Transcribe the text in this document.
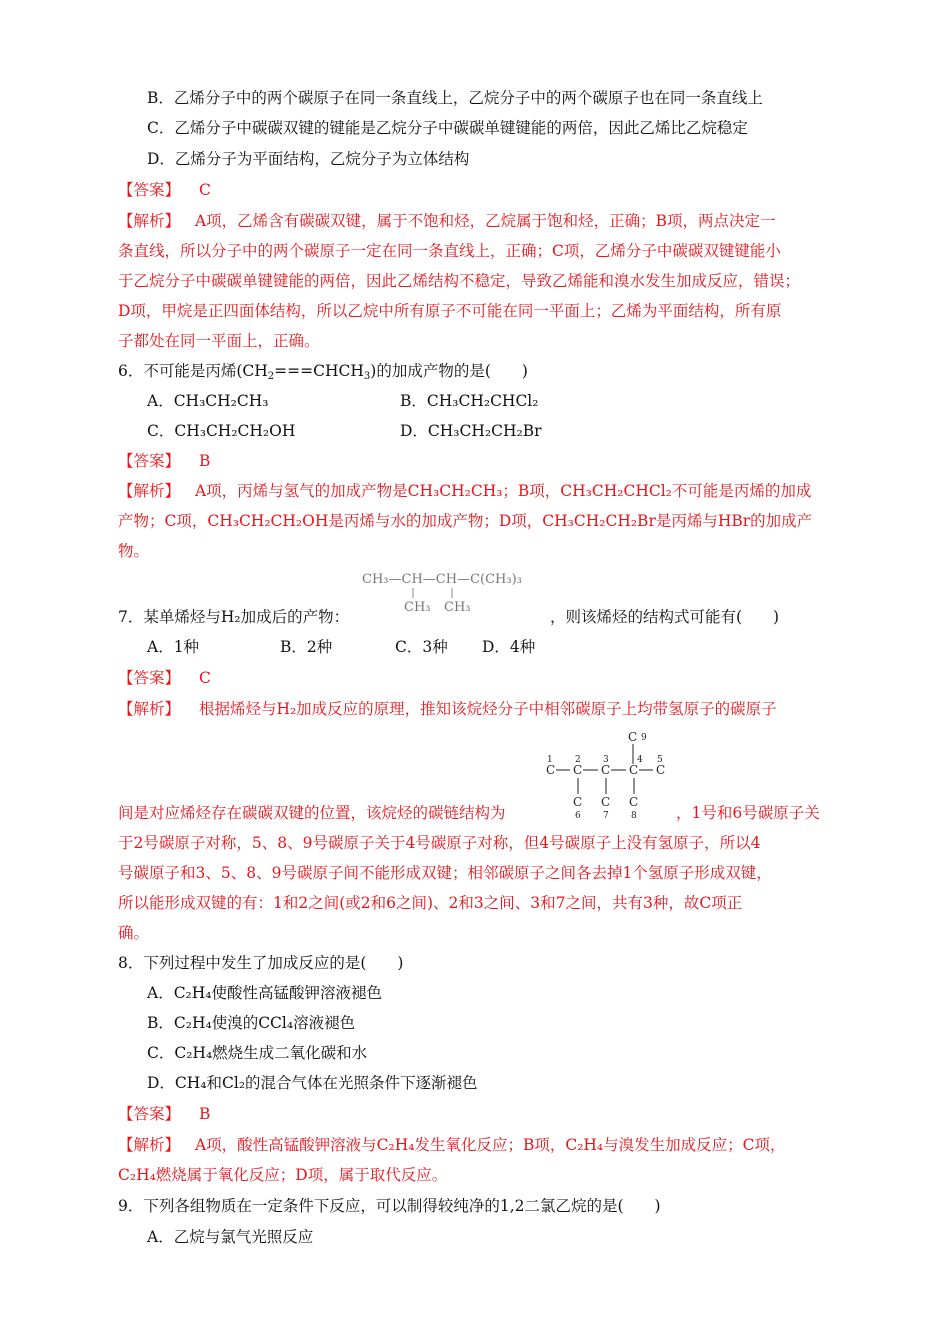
B．乙烯分子中的两个碳原子在同一条直线上，乙烷分子中的两个碳原子也在同一条直线上
C．乙烯分子中碳碳双键的键能是乙烷分子中碳碳单键键能的两倍，因此乙烯比乙烷稳定
D．乙烯分子为平面结构，乙烷分子为立体结构
【答案】 C
【解析】 A项，乙烯含有碳碳双键，属于不饱和烃，乙烷属于饱和烃，正确；B项，两点决定一
条直线，所以分子中的两个碳原子一定在同一条直线上，正确；C项，乙烯分子中碳碳双键键能小
于乙烷分子中碳碳单键键能的两倍，因此乙烯结构不稳定，导致乙烯能和溴水发生加成反应，错误；
D项，甲烷是正四面体结构，所以乙烷中所有原子不可能在同一平面上；乙烯为平面结构，所有原
子都处在同一平面上，正确。
6．不可能是丙烯$(CH_2===CHCH_3)$的加成产物的是(　　)
A．CH₃CH₂CH₃	B．CH₃CH₂CHCl₂
C．CH₃CH₂CH₂OH	D．CH₃CH₂CH₂Br
【答案】 B
【解析】 A项，丙烯与氢气的加成产物是CH₃CH₂CH₃；B项，CH₃CH₂CHCl₂不可能是丙烯的加成
产物；C项，CH₃CH₂CH₂OH是丙烯与水的加成产物；D项，CH₃CH₂CH₂Br是丙烯与HBr的加成产
物。
CH₃—CH—CH—C(CH₃)₃
CH₃ CH₃
7．某单烯烃与H₂加成后的产物：	，则该烯烃的结构式可能有(　　)
A．1种	B．2种	C．3种 D．4种
【答案】 C
【解析】 根据烯烃与H₂加成反应的原理，推知该烷烃分子中相邻碳原子上均带氢原子的碳原子
1 2 3	4 5
C 9
C C C C C
C C C
6 7 8
间是对应烯烃存在碳碳双键的位置，该烷烃的碳链结构为	，1号和6号碳原子关
于2号碳原子对称，5、8、9号碳原子关于4号碳原子对称，但4号碳原子上没有氢原子，所以4
号碳原子和3、5、8、9号碳原子间不能形成双键；相邻碳原子之间各去掉1个氢原子形成双键，
所以能形成双键的有：1和2之间(或2和6之间)、2和3之间、3和7之间，共有3种，故C项正
确。
8．下列过程中发生了加成反应的是(　　)
A．C₂H₄使酸性高锰酸钾溶液褪色
B．C₂H₄使溴的CCl₄溶液褪色
C．C₂H₄燃烧生成二氧化碳和水
D．CH₄和Cl₂的混合气体在光照条件下逐渐褪色
【答案】 B
【解析】 A项，酸性高锰酸钾溶液与C₂H₄发生氧化反应；B项，C₂H₄与溴发生加成反应；C项，
C₂H₄燃烧属于氧化反应；D项，属于取代反应。
9．下列各组物质在一定条件下反应，可以制得较纯净的1,2二氯乙烷的是(　　)
A．乙烷与氯气光照反应
